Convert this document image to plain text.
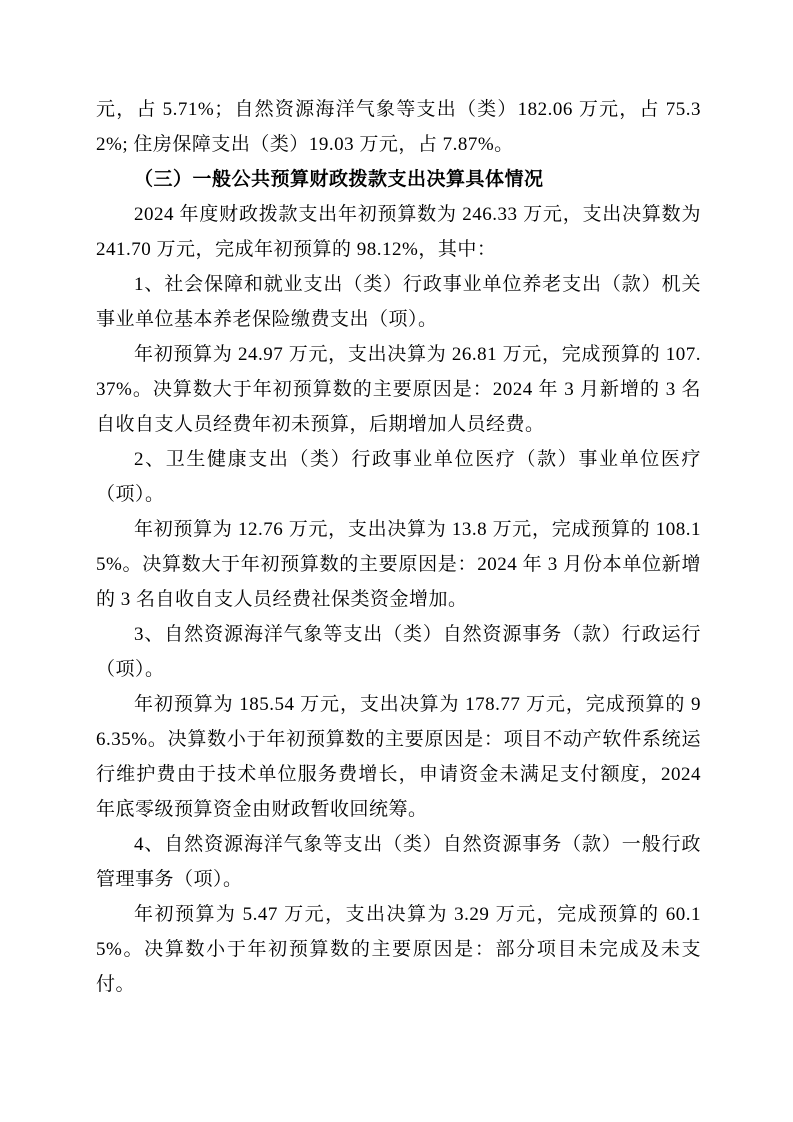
元，占 5.71%；自然资源海洋气象等支出（类）182.06 万元，占 75.32%; 住房保障支出（类）19.03 万元，占 7.87%。

（三）一般公共预算财政拨款支出决算具体情况

2024 年度财政拨款支出年初预算数为 246.33 万元，支出决算数为 241.70 万元，完成年初预算的 98.12%，其中：

1、社会保障和就业支出（类）行政事业单位养老支出（款）机关事业单位基本养老保险缴费支出（项）。

年初预算为 24.97 万元，支出决算为 26.81 万元，完成预算的 107.37%。决算数大于年初预算数的主要原因是：2024 年 3 月新增的 3 名自收自支人员经费年初未预算，后期增加人员经费。

2、卫生健康支出（类）行政事业单位医疗（款）事业单位医疗（项）。

年初预算为 12.76 万元，支出决算为 13.8 万元，完成预算的 108.15%。决算数大于年初预算数的主要原因是：2024 年 3 月份本单位新增的 3 名自收自支人员经费社保类资金增加。

3、自然资源海洋气象等支出（类）自然资源事务（款）行政运行（项）。

年初预算为 185.54 万元，支出决算为 178.77 万元，完成预算的 96.35%。决算数小于年初预算数的主要原因是：项目不动产软件系统运行维护费由于技术单位服务费增长，申请资金未满足支付额度，2024 年底零级预算资金由财政暂收回统筹。

4、自然资源海洋气象等支出（类）自然资源事务（款）一般行政管理事务（项）。

年初预算为 5.47 万元，支出决算为 3.29 万元，完成预算的 60.15%。决算数小于年初预算数的主要原因是：部分项目未完成及未支付。
